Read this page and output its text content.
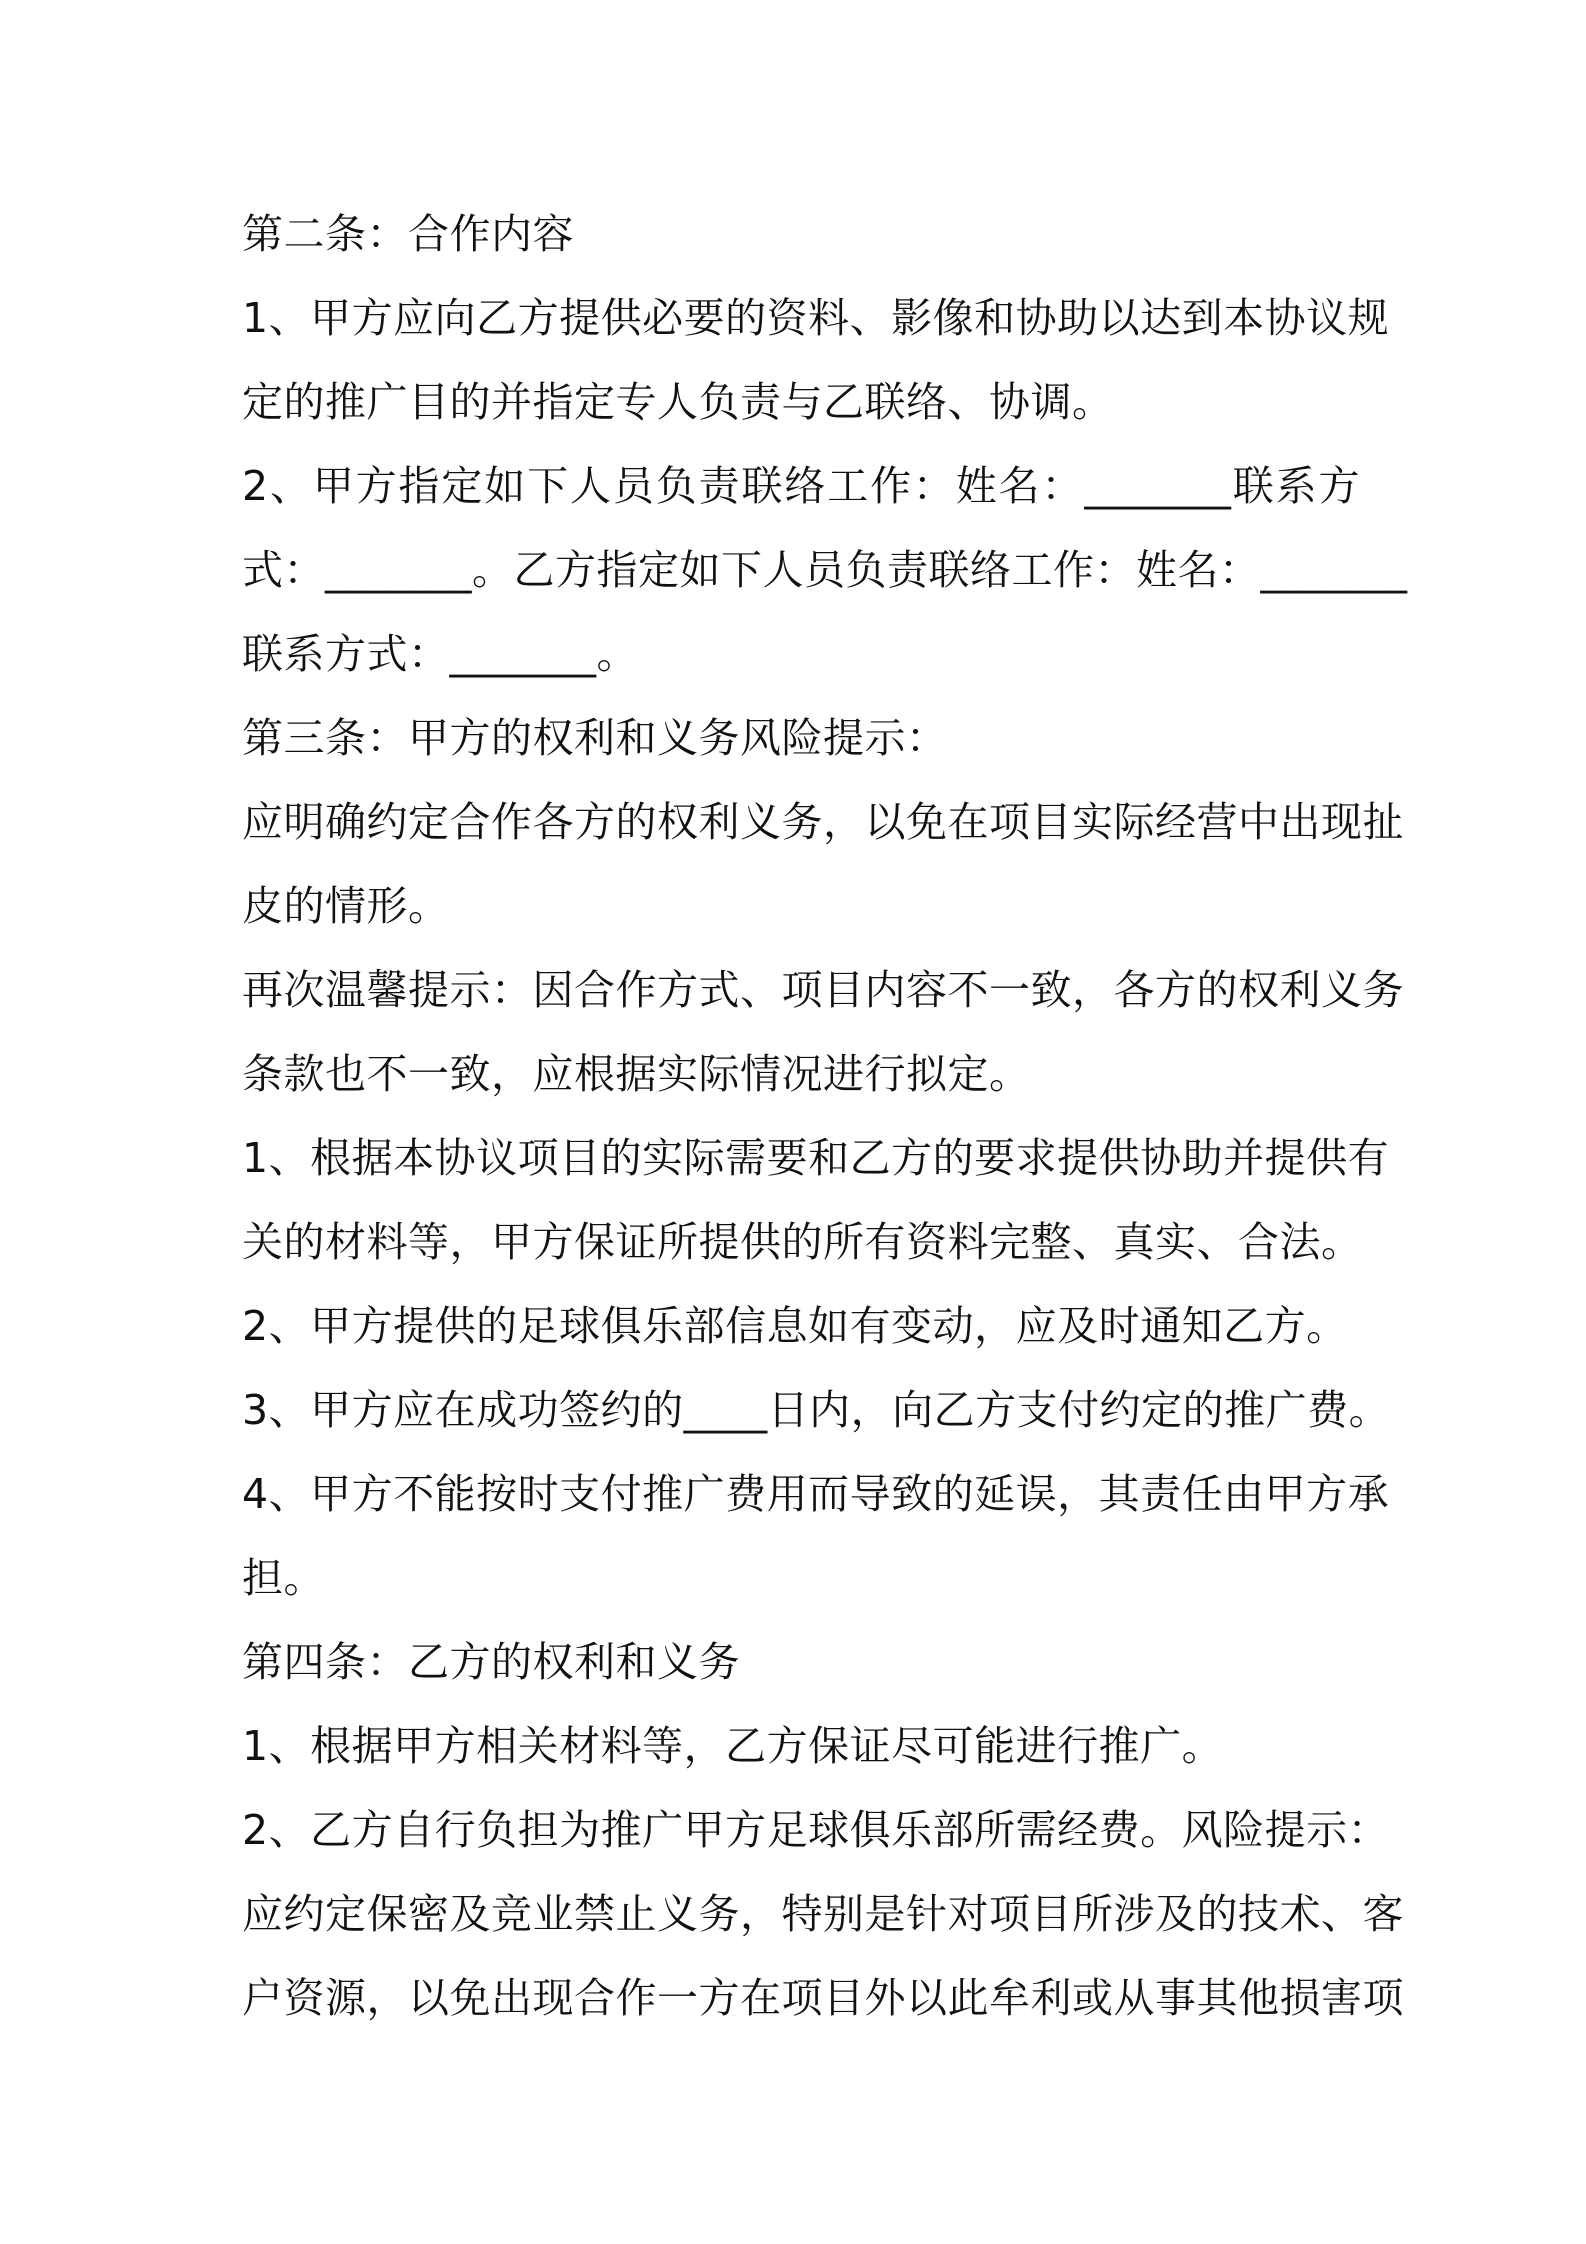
第二条：合作内容
1、甲方应向乙方提供必要的资料、影像和协助以达到本协议规
定的推广目的并指定专人负责与乙联络、协调。
2、甲方指定如下人员负责联络工作：姓名：_______联系方
式：_______。乙方指定如下人员负责联络工作：姓名：_______
联系方式：_______。
第三条：甲方的权利和义务风险提示：
应明确约定合作各方的权利义务，以免在项目实际经营中出现扯
皮的情形。
再次温馨提示：因合作方式、项目内容不一致，各方的权利义务
条款也不一致，应根据实际情况进行拟定。
1、根据本协议项目的实际需要和乙方的要求提供协助并提供有
关的材料等，甲方保证所提供的所有资料完整、真实、合法。
2、甲方提供的足球俱乐部信息如有变动，应及时通知乙方。
3、甲方应在成功签约的____日内，向乙方支付约定的推广费。
4、甲方不能按时支付推广费用而导致的延误，其责任由甲方承
担。
第四条：乙方的权利和义务
1、根据甲方相关材料等，乙方保证尽可能进行推广。
2、乙方自行负担为推广甲方足球俱乐部所需经费。风险提示：
应约定保密及竞业禁止义务，特别是针对项目所涉及的技术、客
户资源，以免出现合作一方在项目外以此牟利或从事其他损害项
